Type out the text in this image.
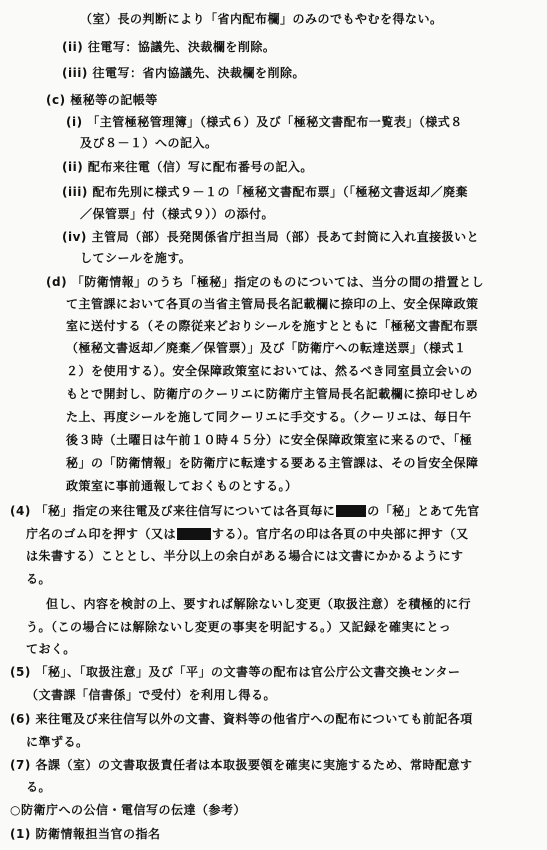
（室）長の判断により「省内配布欄」のみのでもやむを得ない。
(ii) 往電写：協議先、決裁欄を削除。
(iii) 往電写：省内協議先、決裁欄を削除。
(c) 極秘等の記帳等
(i) 「主管極秘管理簿」（様式６）及び「極秘文書配布一覧表」（様式８
及び８－１）への記入。
(ii) 配布来往電（信）写に配布番号の記入。
(iii) 配布先別に様式９－１の「極秘文書配布票」（「極秘文書返却／廃棄
／保管票」付（様式９））の添付。
(iv) 主管局（部）長発関係省庁担当局（部）長あて封筒に入れ直接扱いと
してシールを施す。
(d) 「防衛情報」のうち「極秘」指定のものについては、当分の間の措置とし
て主管課において各頁の当省主管局長名記載欄に捺印の上、安全保障政策
室に送付する（その際従来どおりシールを施すとともに「極秘文書配布票
（極秘文書返却／廃棄／保管票）」及び「防衛庁への転達送票」（様式１
２）を使用する）。安全保障政策室においては、然るべき同室員立会いの
もとで開封し、防衛庁のクーリエに防衛庁主管局長名記載欄に捺印せしめ
た上、再度シールを施して同クーリエに手交する。（クーリエは、毎日午
後３時（土曜日は午前１０時４５分）に安全保障政策室に来るので、「極
秘」の「防衛情報」を防衛庁に転達する要ある主管課は、その旨安全保障
政策室に事前通報しておくものとする。）
(4) 「秘」指定の来往電及び来往信写については各頁毎に	の「秘」とあて先官
庁名のゴム印を押す（又は	する）。官庁名の印は各頁の中央部に押す（又
は朱書する）こととし、半分以上の余白がある場合には文書にかかるようにす
る。
但し、内容を検討の上、要すれば解除ないし変更（取扱注意）を積極的に行
う。（この場合には解除ないし変更の事実を明記する。）又記録を確実にとっ
ておく。
(5) 「秘」、「取扱注意」及び「平」の文書等の配布は官公庁公文書交換センター
（文書課「信書係」で受付）を利用し得る。
(6) 来往電及び来往信写以外の文書、資料等の他省庁への配布についても前記各項
に準ずる。
(7) 各課（室）の文書取扱責任者は本取扱要領を確実に実施するため、常時配意す
る。
○防衛庁への公信・電信写の伝達（参考）
(1) 防衛情報担当官の指名
